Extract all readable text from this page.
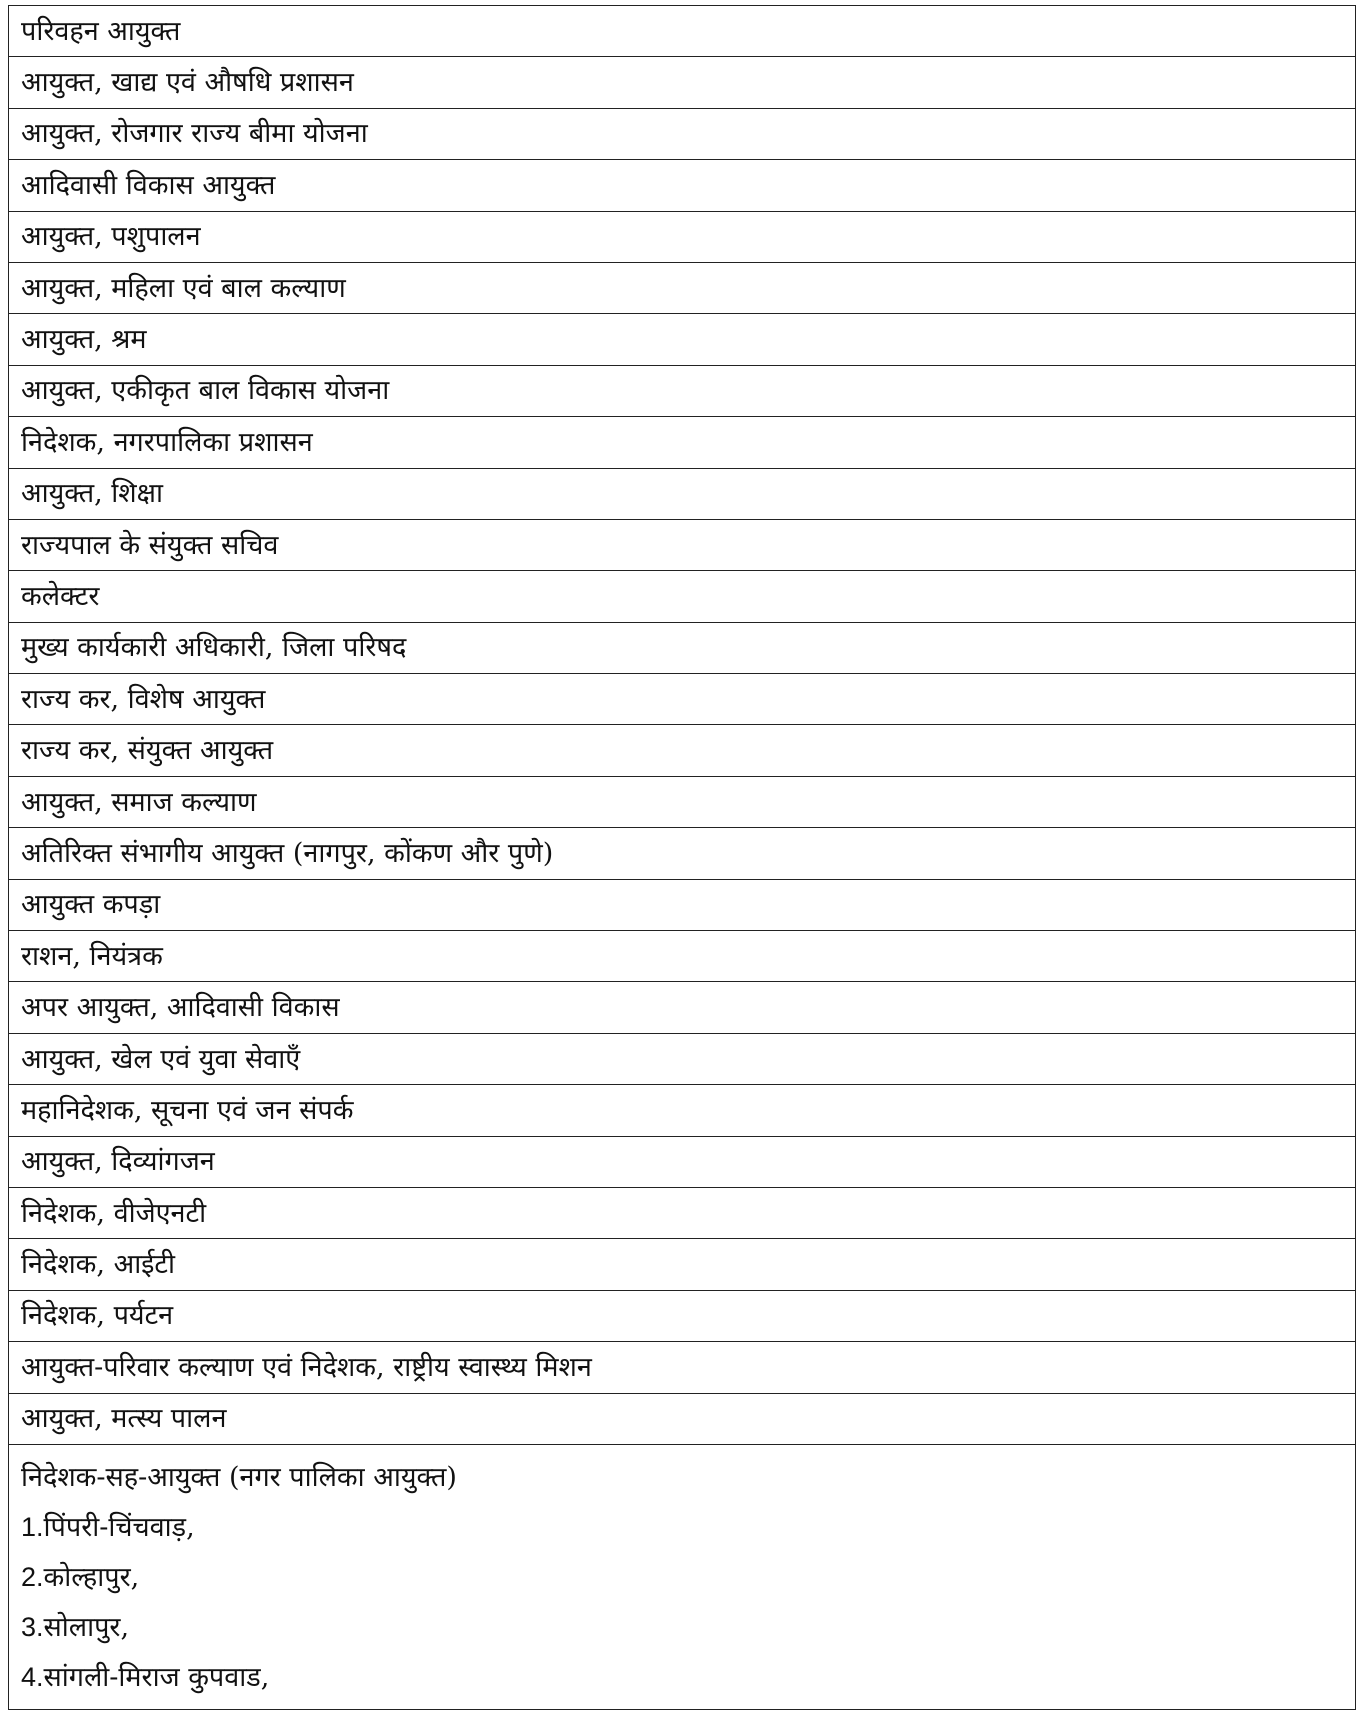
परिवहन आयुक्त
आयुक्त, खाद्य एवं औषधि प्रशासन
आयुक्त, रोजगार राज्य बीमा योजना
आदिवासी विकास आयुक्त
आयुक्त, पशुपालन
आयुक्त, महिला एवं बाल कल्याण
आयुक्त, श्रम
आयुक्त, एकीकृत बाल विकास योजना
निदेशक, नगरपालिका प्रशासन
आयुक्त, शिक्षा
राज्यपाल के संयुक्त सचिव
कलेक्टर
मुख्य कार्यकारी अधिकारी, जिला परिषद
राज्य कर, विशेष आयुक्त
राज्य कर, संयुक्त आयुक्त
आयुक्त, समाज कल्याण
अतिरिक्त संभागीय आयुक्त (नागपुर, कोंकण और पुणे)
आयुक्त कपड़ा
राशन, नियंत्रक
अपर आयुक्त, आदिवासी विकास
आयुक्त, खेल एवं युवा सेवाएँ
महानिदेशक, सूचना एवं जन संपर्क
आयुक्त, दिव्यांगजन
निदेशक, वीजेएनटी
निदेशक, आईटी
निदेशक, पर्यटन
आयुक्त-परिवार कल्याण एवं निदेशक, राष्ट्रीय स्वास्थ्य मिशन
आयुक्त, मत्स्य पालन
निदेशक-सह-आयुक्त (नगर पालिका आयुक्त)
1. पिंपरी-चिंचवाड़,
2. कोल्हापुर,
3. सोलापुर,
4. सांगली-मिराज कुपवाड,
